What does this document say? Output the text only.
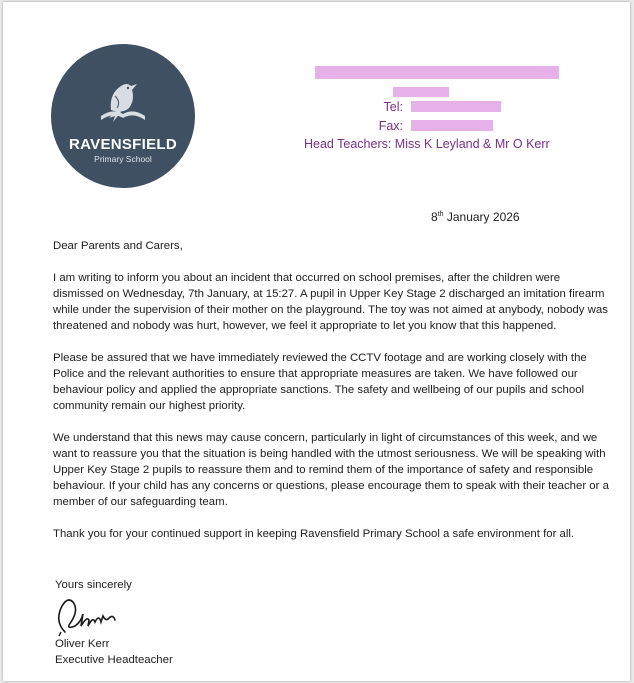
RAVENSFIELD
Primary School
Tel:
Fax:
Head Teachers: Miss K Leyland & Mr O Kerr
8th January 2026

Dear Parents and Carers,

I am writing to inform you about an incident that occurred on school premises, after the children were dismissed on Wednesday, 7th January, at 15:27. A pupil in Upper Key Stage 2 discharged an imitation firearm while under the supervision of their mother on the playground. The toy was not aimed at anybody, nobody was threatened and nobody was hurt, however, we feel it appropriate to let you know that this happened.

Please be assured that we have immediately reviewed the CCTV footage and are working closely with the Police and the relevant authorities to ensure that appropriate measures are taken. We have followed our behaviour policy and applied the appropriate sanctions. The safety and wellbeing of our pupils and school community remain our highest priority.

We understand that this news may cause concern, particularly in light of circumstances of this week, and we want to reassure you that the situation is being handled with the utmost seriousness. We will be speaking with Upper Key Stage 2 pupils to reassure them and to remind them of the importance of safety and responsible behaviour. If your child has any concerns or questions, please encourage them to speak with their teacher or a member of our safeguarding team.

Thank you for your continued support in keeping Ravensfield Primary School a safe environment for all.

Yours sincerely
Oliver Kerr
Executive Headteacher
